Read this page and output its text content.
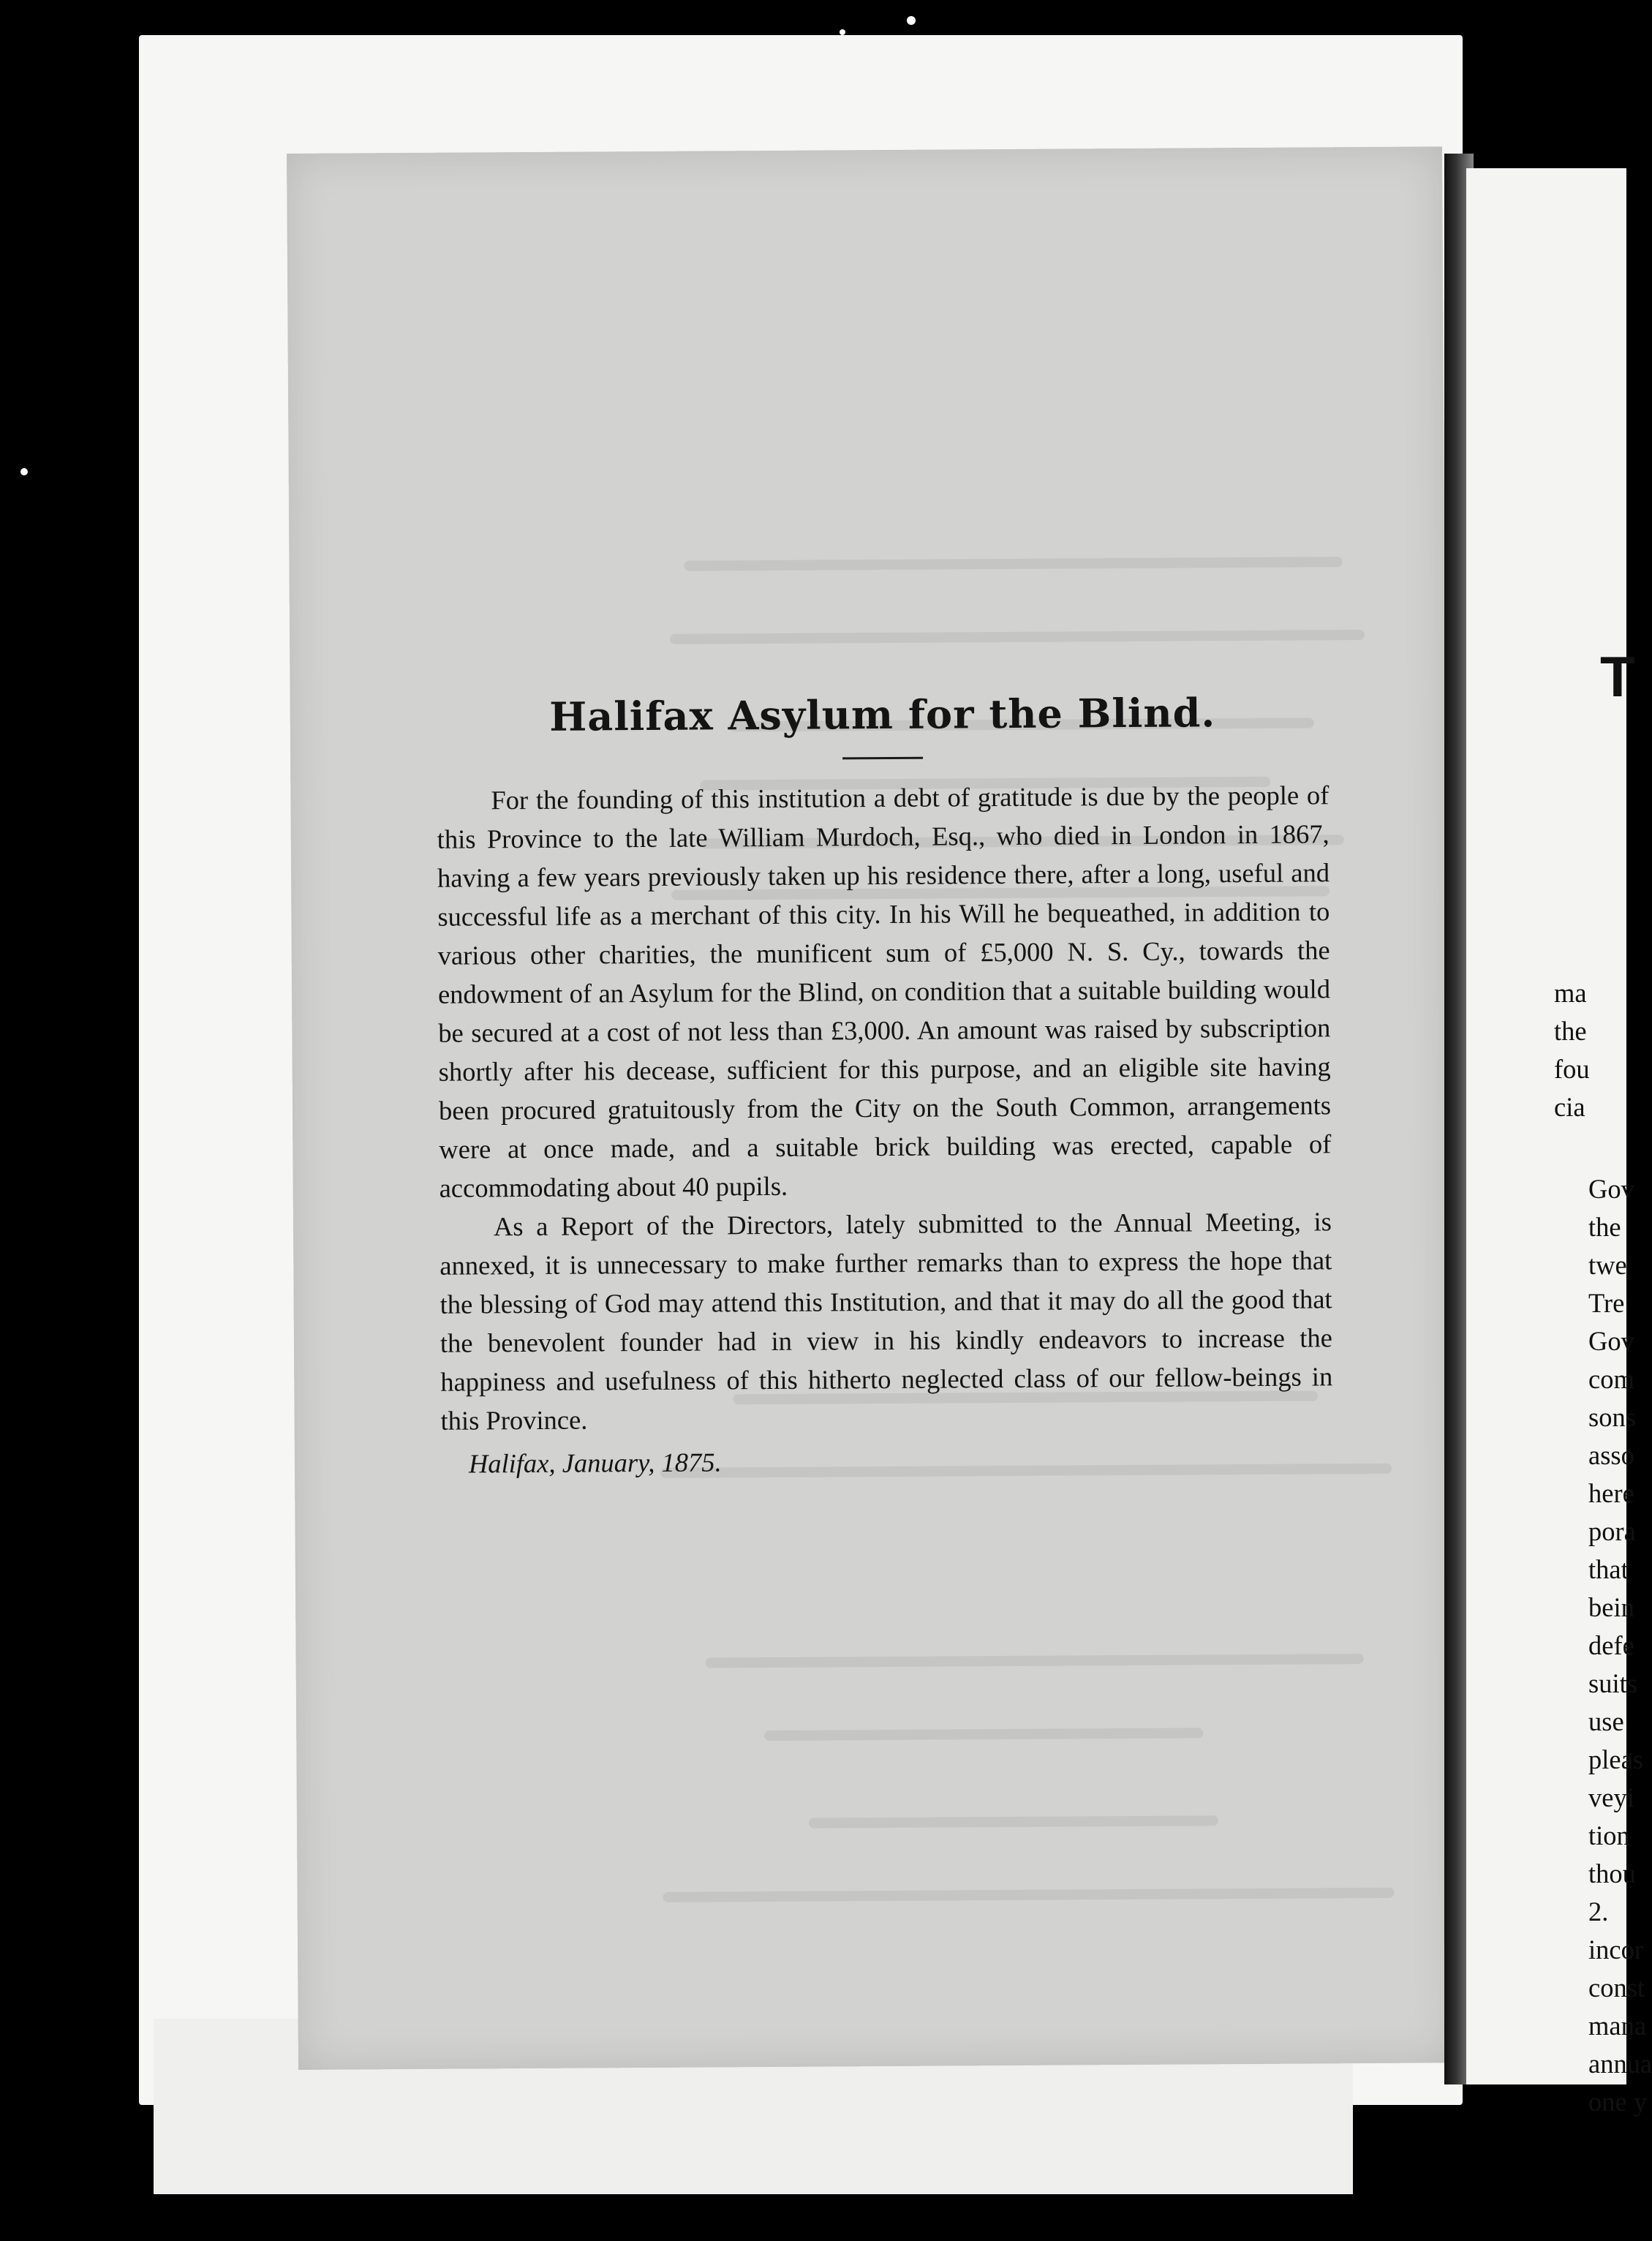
Halifax Asylum for the Blind.

For the founding of this institution a debt of gratitude is due by the people of this Province to the late William Murdoch, Esq., who died in London in 1867, having a few years previously taken up his residence there, after a long, useful and successful life as a merchant of this city. In his Will he bequeathed, in addition to various other charities, the munificent sum of £5,000 N. S. Cy., towards the endowment of an Asylum for the Blind, on condition that a suitable building would be secured at a cost of not less than £3,000. An amount was raised by subscription shortly after his decease, sufficient for this purpose, and an eligible site having been procured gratuitously from the City on the South Common, arrangements were at once made, and a suitable brick building was erected, capable of accommodating about 40 pupils.

As a Report of the Directors, lately submitted to the Annual Meeting, is annexed, it is unnecessary to make further remarks than to express the hope that the blessing of God may attend this Institution, and that it may do all the good that the benevolent founder had in view in his kindly endeavors to increase the happiness and usefulness of this hitherto neglected class of our fellow-beings in this Province.

Halifax, January, 1875.

T
ma
the
fou
cia
Gov
the
twe
Tre
Gov
com
sons
asso
here
pora
that
bein
defe
suits
use
pleas
veyi
tion
thou
2.
incor
const
mana
annua
one y
